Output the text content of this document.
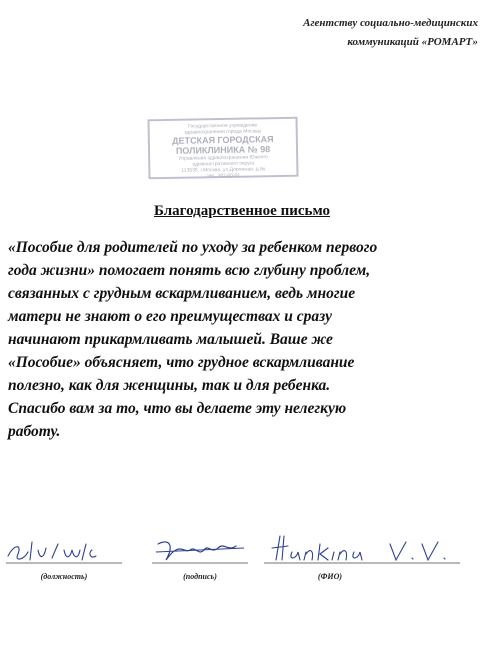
Агентству социально-медицинских
коммуникаций «РОМАРТ»
Государственное учреждение
здравоохранения города Москвы
ДЕТСКАЯ ГОРОДСКАЯ
ПОЛИКЛИНИКА № 98
Управления здравоохранения Южного
административного округа
113535, г.Москва, ул.Дорожная, д.№
тел. 382-60-01
Благодарственное письмо

«Пособие для родителей по уходу за ребенком первого
года жизни» помогает понять всю глубину проблем,
связанных с грудным вскармливанием, ведь многие
матери не знают о его преимуществах и сразу
начинают прикармливать малышей. Ваше же
«Пособие» объясняет, что грудное вскармливание
полезно, как для женщины, так и для ребенка.
Спасибо вам за то, что вы делаете эту нелегкую
работу.

(должность)	(подпись)	(ФИО)
